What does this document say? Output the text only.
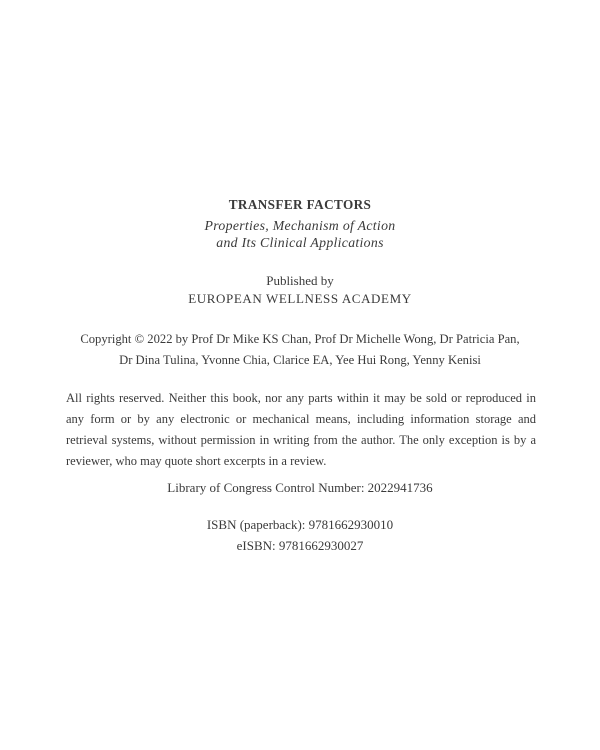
TRANSFER FACTORS
Properties, Mechanism of Action
and Its Clinical Applications
Published by
EUROPEAN WELLNESS ACADEMY
Copyright © 2022 by Prof Dr Mike KS Chan, Prof Dr Michelle Wong, Dr Patricia Pan,
Dr Dina Tulina, Yvonne Chia, Clarice EA, Yee Hui Rong, Yenny Kenisi
All rights reserved. Neither this book, nor any parts within it may be sold or reproduced in any form or by any electronic or mechanical means, including information storage and retrieval systems, without permission in writing from the author. The only exception is by a reviewer, who may quote short excerpts in a review.
Library of Congress Control Number: 2022941736
ISBN (paperback): 9781662930010
eISBN: 9781662930027
